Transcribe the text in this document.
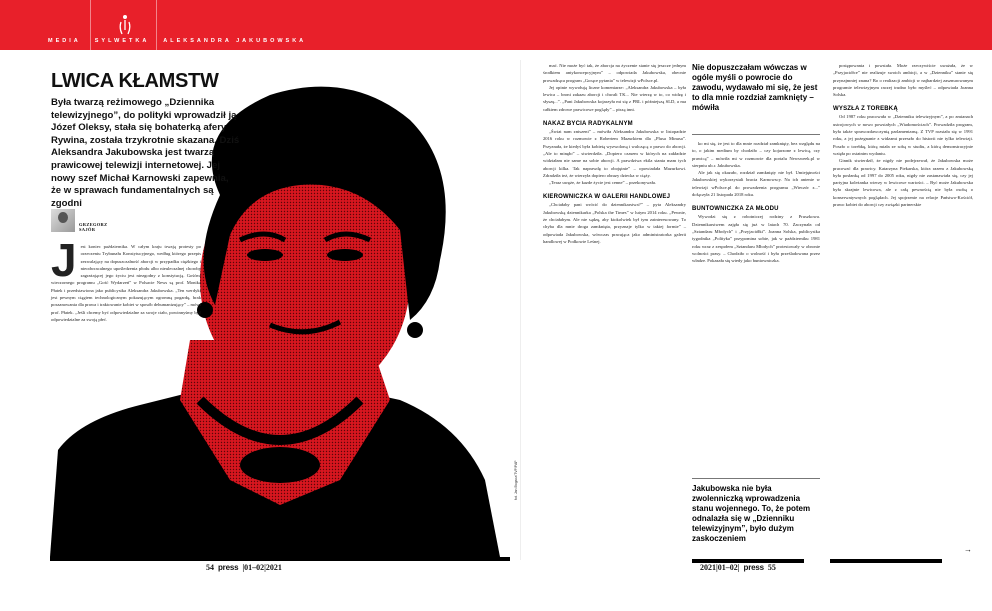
MEDIA	SYLWETKA	ALEKSANDRA JAKUBOWSKA
LWICA KŁAMSTW
Była twarzą reżimowego „Dziennika telewizyjnego”, do polityki wprowadził ją Józef Oleksy, stała się bohaterką afery Rywina, została trzykrotnie skazana. Dziś Aleksandra Jakubowska jest twarzą prawicowej telewizji internetowej. Jej nowy szef Michał Karnowski zapewnia, że w sprawach fundamentalnych są zgodni
GRZEGORZ
SAJÓR
J est koniec października. W całym kraju trwają protesty po orzeczeniu Trybunału Konstytucyjnego, według którego przepis zezwalający na dopuszczalność aborcji w przypadku ciężkiego i nieodwracalnego upośledzenia płodu albo nieuleczalnej choroby zagrażającej jego życiu jest niezgodny z konstytucją. Gośćmi wieczornego programu „Gość Wydarzeń” w Polsacie News są prof. Monika Płatek i przedstawiona jako publicystka Aleksandra Jakubowska. „Ten werdykt jest pewnym ciągiem technologicznym pokazującym ogromną pogardę, brak poszanowania dla prawa i traktowanie kobiet w sposób dehumanizujący” – mówi prof. Płatek. „Jeśli chcemy być odpowiedzialne za swoje ciało, powinnyśmy być odpowiedzialne za swoją płeć.
fot. Jan Bogacz/TVP/PAP

mać. Nie może być tak, że aborcja na życzenie stanie się jeszcze jednym środkiem antykoncepcyjnym” – odpowiada Jakubowska, obecnie prowadząca program „Gorące pytania” w telewizji wPolsce.pl.

Jej opinie wywołują liczne komentarze: „Aleksandra Jakubowska – była lewica – broni zakazu aborcji i chwali TK... Nie wierzę w to, co widzę i słyszę...”. „Pani Jakubowska kojarzyła mi się z PRL i późniejszą SLD, a ma całkiem zdrowe prawicowe poglądy” – piszą inni.

NAKAZ BYCIA RADYKALNYM

„Świat nam zniszeni” – mówiła Aleksandra Jakubowska w listopadzie 2016 roku w rozmowie z Robertem Mazurkiem dla „Plusa Minusa”. Przyznała, że kiedyś była kobietą wyzwoloną i walczącą o prawo do aborcji. „Ale to minęło” – stwierdziła. „Dopiero czasem w których na zakładzie widziałam nie same na sobie aborcji. A prawdziwa ekila stania mam tych aborcji kilka. Tak naprawdę to obojętnie” – opowiadała Mazurkowi. Zdradziła też, że wierzyła dopiero obrazy dziecka w ciąży.

„Teraz uwęże, że kazde życie jest cenne” – przekonywała.

KIEROWNICZKA W GALERII HANDLOWEJ

„Chciałaby pani wrócić do dziennikarstwa?” – pyta Aleksandry Jakubowską dziennikarka „Polska the Times” w lutym 2014 roku. „Pewnie, że chciałabym. Ale nie sądzę, aby ktokolwiek był tym zainteresowany. To chyba dla mnie droga zamknięta, przyznaje tylko w takiej formie” – odpowiada Jakubowska, wówczas pracująca jako administratorka galerii handlowej w Podkowie Leśnej.

Nie dopuszczałam wówczas w ogóle myśli o powrocie do zawodu, wydawało mi się, że jest to dla mnie rozdział zamknięty – mówiła

ko mi się, że jest to dla mnie rozdział zamknięty, bez względu na to, o jakim medium by chodziło – czy kojarzone z lewicą, czy prawicą” – mówiła mi w rozmowie dla portalu Newsweek.pl w sierpniu ub.r. Jakubowska.

Ale jak się okazało, rozdział zamknięty nie był. Umiejętności Jakubowskiej wykorzystali bracia Karnowscy. Na ich antenie w telewizji wPolsce.pl do prowadzenia programu „Wieczór z...” dołączyła 21 listopada 2018 roku.

BUNTOWNICZKA ZA MŁODU

Wywodzi się z robotniczej rodziny z Pruszkowa. Dziennikarstwem zajęła się już w latach 70. Zaczynała od „Sztandaru Młodych” i „Przyjaciółki”. Joanna Solska, publicystka tygodnika „Polityka” przypomina sobie, jak w październiku 1981 roku wraz z zespołem „Sztandaru Młodych” protestowały w obronie wolności prasy. – Chodziło o wolność i była prześladowana przez władze. Pokazała się wtedy jako buntowniczka.

Jakubowska nie była zwolenniczką wprowadzenia stanu wojennego. To, że potem odnalazła się w „Dzienniku telewizyjnym”, było dużym zaskoczeniem

postępowania i powstała. Może rzeczywiście uważała, że w „Przyjaciółce” nie realizuje swoich ambicji, a w „Dzienniku” stanie się przynajmniej znana? Bo o realizacji ambicji w najbardziej zasznurowanym programie telewizyjnym raczej trudno było myśleć – odpowiada Joanna Solska.

WYSZŁA Z TOREBKĄ

Od 1987 roku pracowała w „Dzienniku telewizyjnym”, a po zmianach ustrojowych w nowo powstałych „Wiadomościach”. Prowadziła program, była także sprawozdawczynią parlamentarną. Z TVP rozstała się w 1991 roku, a jej pożegnanie z widzami przeszło do historii nie tylko telewizji. Poszło o torebkę, którą miała ze sobą w studiu, a którą demonstracyjnie wzięła po ostatnim wydaniu.

Ginnik stwierdził, że nigdy nie podejrzewał, że Jakubowska może pracować dla prawicy. Katarzyna Piekarska, która razem z Jakubowską była posłanką od 1997 do 2005 roku, nigdy nie zastanawiała się, czy jej partyjna koleżanka wierzy w lewicowe wartości. – Być może Jakubowska była skrajnie lewicowa, ale z całą pewnością nie była osobą o konserwatywnych poglądach. Jej spojrzenie na relacje Państwo-Kościół, prawo kobiet do aborcji czy związki partnerskie

→
54 press |01–02|2021	2021|01–02| press 55
